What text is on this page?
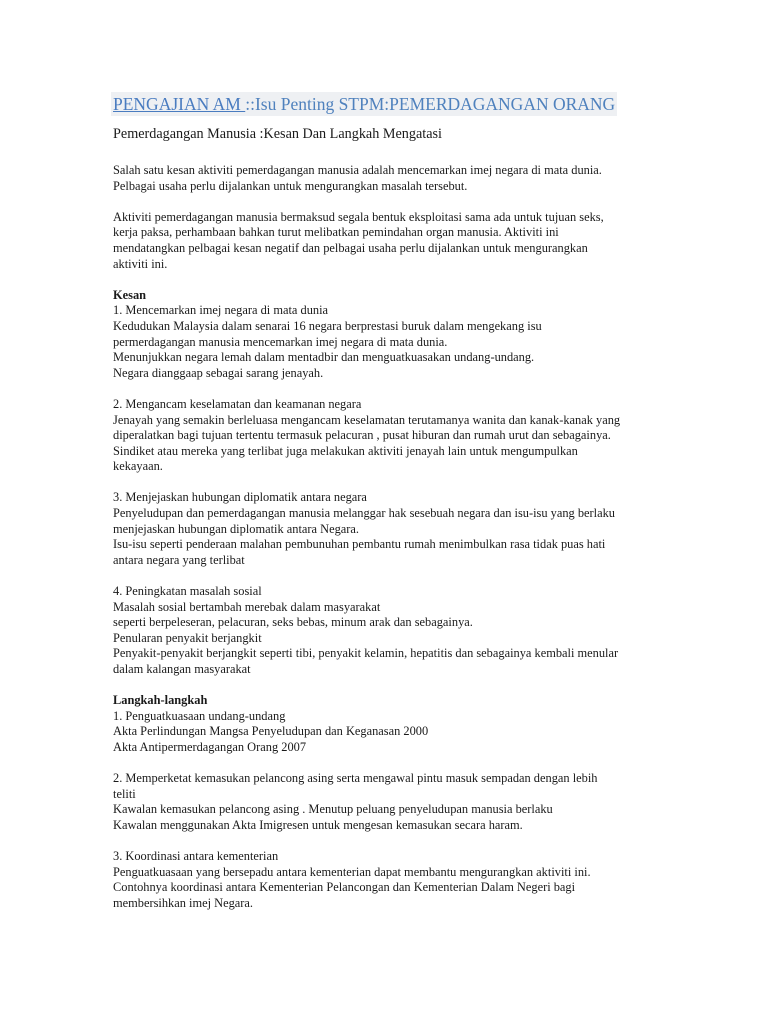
PENGAJIAN AM ::Isu Penting STPM:PEMERDAGANGAN ORANG
Pemerdagangan Manusia :Kesan Dan Langkah Mengatasi
Salah satu kesan aktiviti pemerdagangan manusia adalah mencemarkan imej negara di mata dunia.
Pelbagai usaha perlu dijalankan untuk mengurangkan masalah tersebut.
Aktiviti pemerdagangan manusia bermaksud segala bentuk eksploitasi sama ada untuk tujuan seks,
kerja paksa, perhambaan bahkan turut melibatkan pemindahan organ manusia. Aktiviti ini
mendatangkan pelbagai kesan negatif dan pelbagai usaha perlu dijalankan untuk mengurangkan
aktiviti ini.
Kesan
1. Mencemarkan imej negara di mata dunia
Kedudukan Malaysia dalam senarai 16 negara berprestasi buruk dalam mengekang isu
permerdagangan manusia mencemarkan imej negara di mata dunia.
Menunjukkan negara lemah dalam mentadbir dan menguatkuasakan undang-undang.
Negara dianggaap sebagai sarang jenayah.
2. Mengancam keselamatan dan keamanan negara
Jenayah yang semakin berleluasa mengancam keselamatan terutamanya wanita dan kanak-kanak yang
diperalatkan bagi tujuan tertentu termasuk pelacuran , pusat hiburan dan rumah urut dan sebagainya.
Sindiket atau mereka yang terlibat juga melakukan aktiviti jenayah lain untuk mengumpulkan
kekayaan.
3. Menjejaskan hubungan diplomatik antara negara
Penyeludupan dan pemerdagangan manusia melanggar hak sesebuah negara dan isu-isu yang berlaku
menjejaskan hubungan diplomatik antara Negara.
Isu-isu seperti penderaan malahan pembunuhan pembantu rumah menimbulkan rasa tidak puas hati
antara negara yang terlibat
4. Peningkatan masalah sosial
Masalah sosial bertambah merebak dalam masyarakat
seperti berpeleseran, pelacuran, seks bebas, minum arak dan sebagainya.
Penularan penyakit berjangkit
Penyakit-penyakit berjangkit seperti tibi, penyakit kelamin, hepatitis dan sebagainya kembali menular
dalam kalangan masyarakat
Langkah-langkah
1. Penguatkuasaan undang-undang
Akta Perlindungan Mangsa Penyeludupan dan Keganasan 2000
Akta Antipermerdagangan Orang 2007
2. Memperketat kemasukan pelancong asing serta mengawal pintu masuk sempadan dengan lebih
teliti
Kawalan kemasukan pelancong asing . Menutup peluang penyeludupan manusia berlaku
Kawalan menggunakan Akta Imigresen untuk mengesan kemasukan secara haram.
3. Koordinasi antara kementerian
Penguatkuasaan yang bersepadu antara kementerian dapat membantu mengurangkan aktiviti ini.
Contohnya koordinasi antara Kementerian Pelancongan dan Kementerian Dalam Negeri bagi
membersihkan imej Negara.
